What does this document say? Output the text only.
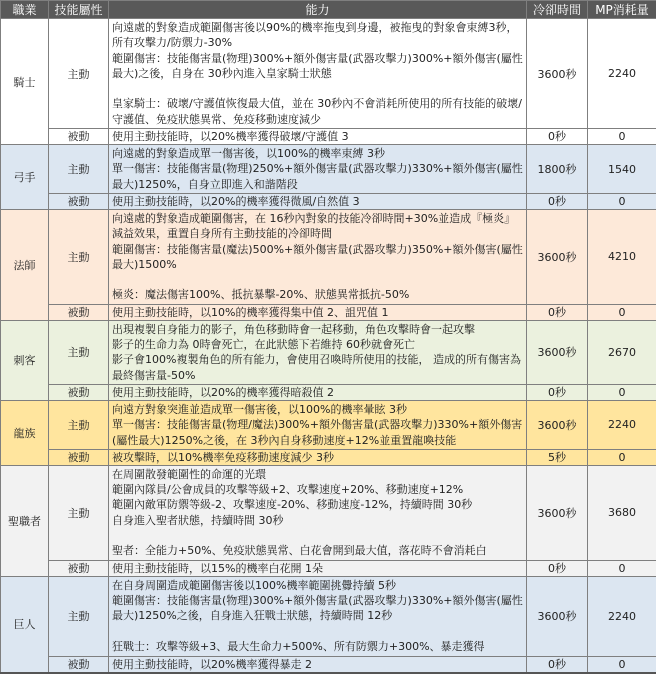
職業	技能屬性	能力	冷卻時間	MP消耗量
騎士	主動	向遠處的對象造成範圍傷害後以90%的機率拖曳到身邊，被拖曳的對象會束縛3秒，所有攻擊力/防禦力-30%
範圍傷害：技能傷害量(物理)300%+額外傷害量(武器攻擊力)300%+額外傷害(屬性最大)之後，自身在 30秒內進入皇家騎士狀態

皇家騎士：破壞/守護值恢復最大值，並在 30秒內不會消耗所使用的所有技能的破壞/守護值、免疫狀態異常、免疫移動速度減少	3600秒	2240
	被動	使用主動技能時，以20%機率獲得破壞/守護值 3	0秒	0
弓手	主動	向遠處的對象造成單一傷害後，以100%的機率束縛 3秒
單一傷害：技能傷害量(物理)250%+額外傷害量(武器攻擊力)330%+額外傷害(屬性最大)1250%，自身立即進入和諧階段	1800秒	1540
	被動	使用主動技能時，以20%的機率獲得微風/自然值 3	0秒	0
法師	主動	向遠處的對象造成範圍傷害，在 16秒內對象的技能冷卻時間+30%並造成『極炎』減益效果，重置自身所有主動技能的冷卻時間
範圍傷害：技能傷害量(魔法)500%+額外傷害量(武器攻擊力)350%+額外傷害(屬性最大)1500%

極炎：魔法傷害100%、抵抗暴擊-20%、狀態異常抵抗-50%	3600秒	4210
	被動	使用主動技能時，以10%的機率獲得集中值 2、詛咒值 1	0秒	0
刺客	主動	出現複製自身能力的影子，角色移動時會一起移動，角色攻擊時會一起攻擊
影子的生命力為 0時會死亡，在此狀態下若維持 60秒就會死亡
影子會100%複製角色的所有能力，會使用召喚時所使用的技能， 造成的所有傷害為最終傷害量-50%	3600秒	2670
	被動	使用主動技能時，以20%的機率獲得暗殺值 2	0秒	0
龍族	主動	向遠方對象突進並造成單一傷害後，以100%的機率暈眩 3秒
單一傷害：技能傷害量(物理/魔法)300%+額外傷害量(武器攻擊力)330%+額外傷害(屬性最大)1250%之後，在 3秒內自身移動速度+12%並重置龍喚技能	3600秒	2240
	被動	被攻擊時，以10%機率免疫移動速度減少 3秒	5秒	0
聖職者	主動	在周圍散發範圍性的命運的光環
範圍內隊員/公會成員的攻擊等級+2、攻擊速度+20%、移動速度+12%
範圍內敵軍防禦等級-2、攻擊速度-20%、移動速度-12%，持續時間 30秒
自身進入聖者狀態，持續時間 30秒

聖者：全能力+50%、免疫狀態異常、白花會開到最大值，落花時不會消耗白	3600秒	3680
	被動	使用主動技能時，以15%的機率白花開 1朵	0秒	0
巨人	主動	在自身周圍造成範圍傷害後以100%機率範圍挑釁持續 5秒
範圍傷害：技能傷害量(物理)300%+額外傷害量(武器攻擊力)330%+額外傷害(屬性最大)1250%之後，自身進入狂戰士狀態，持續時間 12秒

狂戰士：攻擊等級+3、最大生命力+500%、所有防禦力+300%、暴走獲得	3600秒	2240
	被動	使用主動技能時，以20%機率獲得暴走 2	0秒	0
